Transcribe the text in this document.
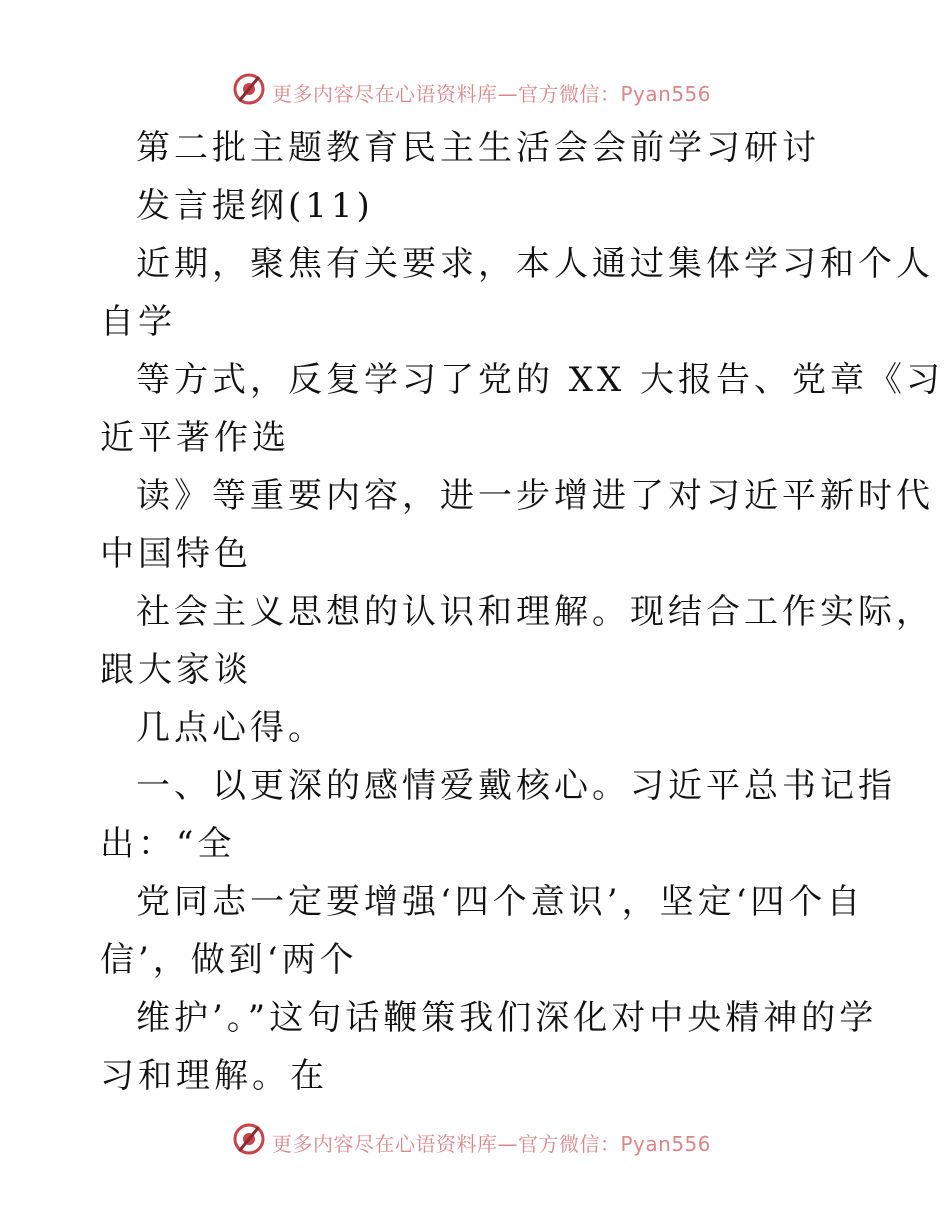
更多内容尽在心语资料库—官方微信：Pyan556
第二批主题教育民主生活会会前学习研讨
发言提纲(11)
近期，聚焦有关要求，本人通过集体学习和个人
自学
等方式，反复学习了党的 XX 大报告、党章《习
近平著作选
读》等重要内容，进一步增进了对习近平新时代
中国特色
社会主义思想的认识和理解。现结合工作实际，
跟大家谈
几点心得。
一、以更深的感情爱戴核心。习近平总书记指
出：“全
党同志一定要增强‘四个意识’，坚定‘四个自
信’，做到‘两个
维护’。”这句话鞭策我们深化对中央精神的学
习和理解。在
更多内容尽在心语资料库—官方微信：Pyan556
